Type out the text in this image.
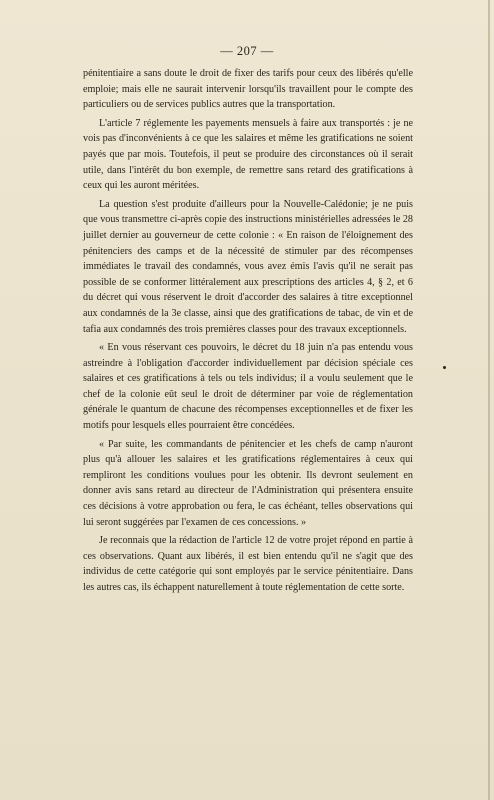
— 207 —

pénitentiaire a sans doute le droit de fixer des tarifs pour ceux des libérés qu'elle emploie; mais elle ne saurait intervenir lorsqu'ils travaillent pour le compte des particuliers ou de services publics autres que la transportation.

L'article 7 réglemente les payements mensuels à faire aux transportés : je ne vois pas d'inconvénients à ce que les salaires et même les gratifications ne soient payés que par mois. Toutefois, il peut se produire des circonstances où il serait utile, dans l'intérêt du bon exemple, de remettre sans retard des gratifications à ceux qui les auront méritées.

La question s'est produite d'ailleurs pour la Nouvelle-Calédonie; je ne puis que vous transmettre ci-après copie des instructions ministérielles adressées le 28 juillet dernier au gouverneur de cette colonie : « En raison de l'éloignement des pénitenciers des camps et de la nécessité de stimuler par des récompenses immédiates le travail des condamnés, vous avez émis l'avis qu'il ne serait pas possible de se conformer littéralement aux prescriptions des articles 4, § 2, et 6 du décret qui vous réservent le droit d'accorder des salaires à titre exceptionnel aux condamnés de la 3e classe, ainsi que des gratifications de tabac, de vin et de tafia aux condamnés des trois premières classes pour des travaux exceptionnels.

« En vous réservant ces pouvoirs, le décret du 18 juin n'a pas entendu vous astreindre à l'obligation d'accorder individuellement par décision spéciale ces salaires et ces gratifications à tels ou tels individus; il a voulu seulement que le chef de la colonie eût seul le droit de déterminer par voie de réglementation générale le quantum de chacune des récompenses exceptionnelles et de fixer les motifs pour lesquels elles pourraient être concédées.

« Par suite, les commandants de pénitencier et les chefs de camp n'auront plus qu'à allouer les salaires et les gratifications réglementaires à ceux qui rempliront les conditions voulues pour les obtenir. Ils devront seulement en donner avis sans retard au directeur de l'Administration qui présentera ensuite ces décisions à votre approbation ou fera, le cas échéant, telles observations qui lui seront suggérées par l'examen de ces concessions. »

Je reconnais que la rédaction de l'article 12 de votre projet répond en partie à ces observations. Quant aux libérés, il est bien entendu qu'il ne s'agit que des individus de cette catégorie qui sont employés par le service pénitentiaire. Dans les autres cas, ils échappent naturellement à toute réglementation de cette sorte.
